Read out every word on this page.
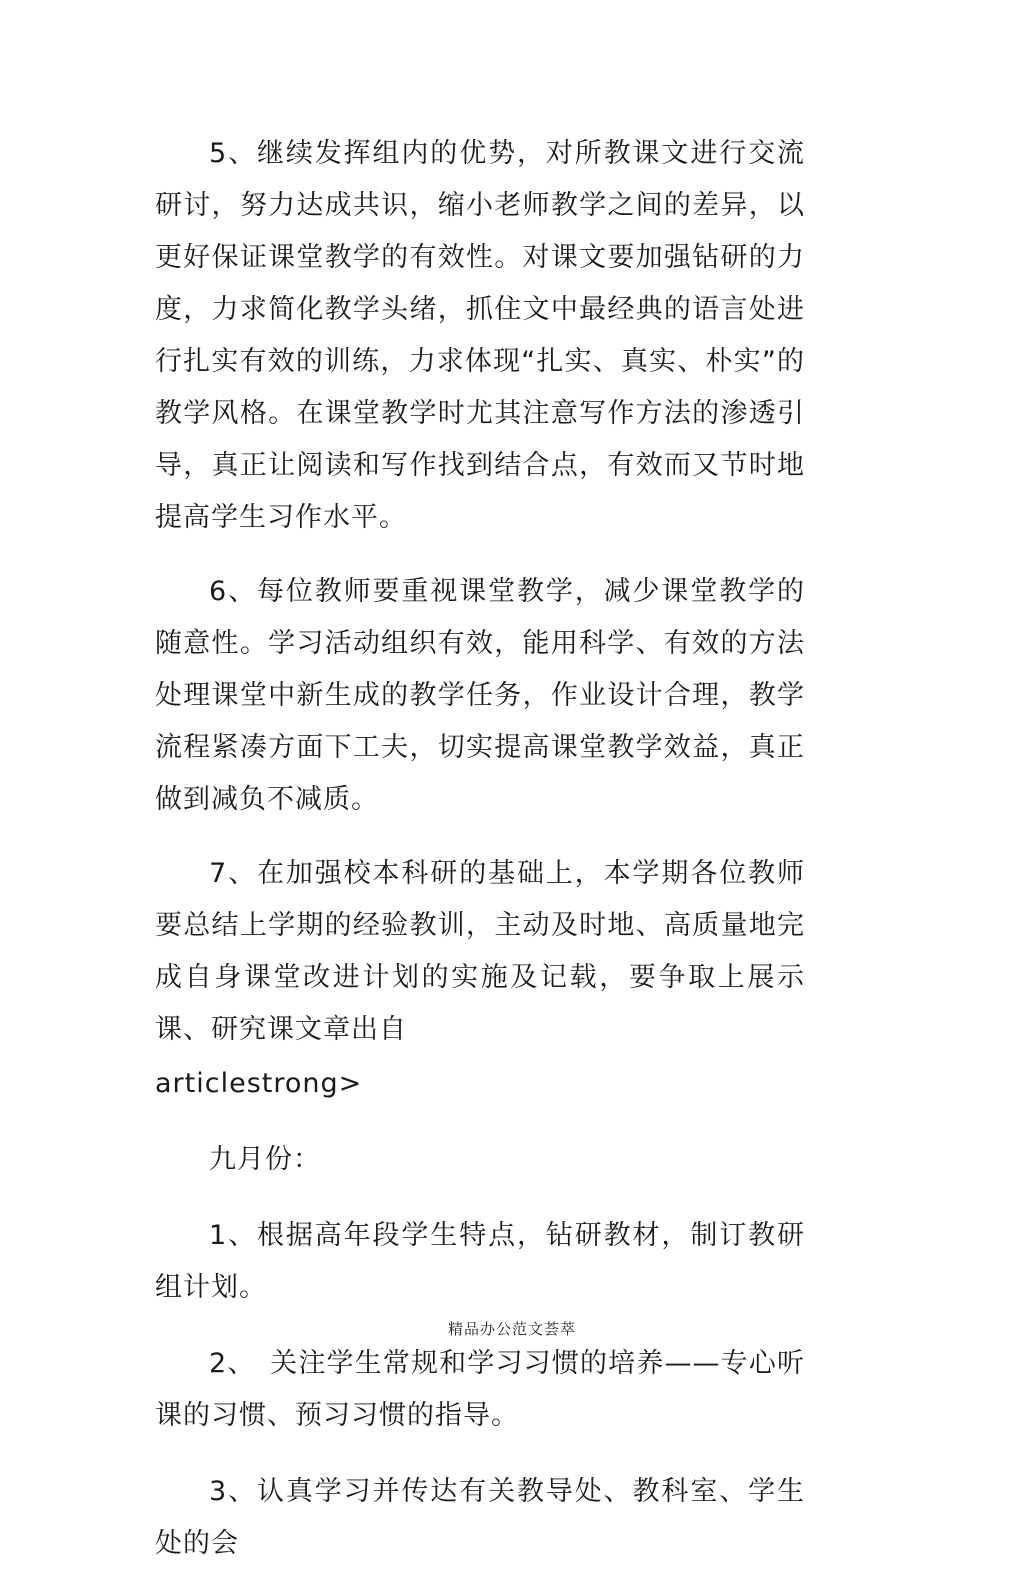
5、继续发挥组内的优势，对所教课文进行交流研讨，努力达成共识，缩小老师教学之间的差异，以更好保证课堂教学的有效性。对课文要加强钻研的力度，力求简化教学头绪，抓住文中最经典的语言处进行扎实有效的训练，力求体现“扎实、真实、朴实”的教学风格。在课堂教学时尤其注意写作方法的渗透引导，真正让阅读和写作找到结合点，有效而又节时地提高学生习作水平。

6、每位教师要重视课堂教学，减少课堂教学的随意性。学习活动组织有效，能用科学、有效的方法处理课堂中新生成的教学任务，作业设计合理，教学流程紧凑方面下工夫，切实提高课堂教学效益，真正做到减负不减质。

7、在加强校本科研的基础上，本学期各位教师要总结上学期的经验教训，主动及时地、高质量地完成自身课堂改进计划的实施及记载，要争取上展示课、研究课文章出自

articlestrong>

九月份：

1、根据高年段学生特点，钻研教材，制订教研组计划。

2、　关注学生常规和学习习惯的培养——专心听课的习惯、预习习惯的指导。

3、认真学习并传达有关教导处、教科室、学生处的会

精品办公范文荟萃
